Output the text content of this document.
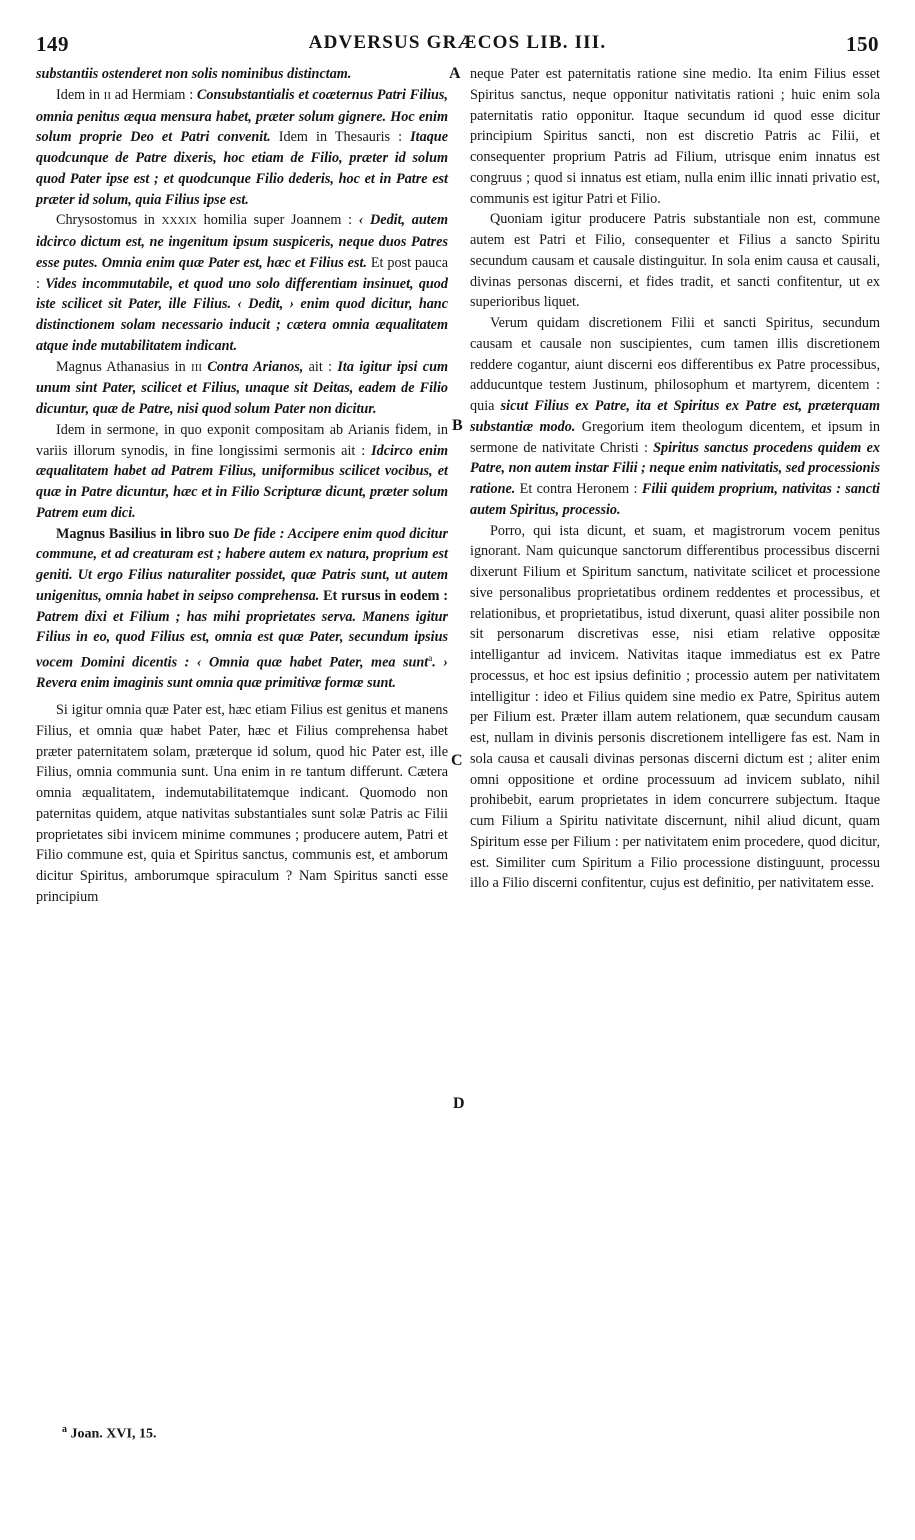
149	ADVERSUS GRÆCOS LIB. III.	150
A
B
C
D

substantiis ostenderet non solis nominibus distinctam.

Idem in II ad Hermiam : Consubstantialis et coæternus Patri Filius, omnia penitus æqua mensura habet, præter solum gignere. Hoc enim solum proprie Deo et Patri convenit. Idem in Thesauris : Itaque quodcunque de Patre dixeris, hoc etiam de Filio, præter id solum quod Pater ipse est ; et quodcunque Filio dederis, hoc et in Patre est præter id solum, quia Filius ipse est.

Chrysostomus in XXXIX homilia super Joannem : ‹ Dedit, autem idcirco dictum est, ne ingenitum ipsum suspiceris, neque duos Patres esse putes. Omnia enim quæ Pater est, hæc et Filius est. Et post pauca : Vides incommutabile, et quod uno solo differentiam insinuet, quod iste scilicet sit Pater, ille Filius. ‹ Dedit, › enim quod dicitur, hanc distinctionem solam necessario inducit ; cætera omnia æqualitatem atque inde mutabilitatem indicant.

Magnus Athanasius in III Contra Arianos, ait : Ita igitur ipsi cum unum sint Pater, scilicet et Filius, unaque sit Deitas, eadem de Filio dicuntur, quæ de Patre, nisi quod solum Pater non dicitur.

Idem in sermone, in quo exponit compositam ab Arianis fidem, in variis illorum synodis, in fine longissimi sermonis ait : Idcirco enim æqualitatem habet ad Patrem Filius, uniformibus scilicet vocibus, et quæ in Patre dicuntur, hæc et in Filio Scripturæ dicunt, præter solum Patrem eum dici.

Magnus Basilius in libro suo De fide : Accipere enim quod dicitur commune, et ad creaturam est ; habere autem ex natura, proprium est geniti. Ut ergo Filius naturaliter possidet, quæ Patris sunt, ut autem unigenitus, omnia habet in seipso comprehensa. Et rursus in eodem : Patrem dixi et Filium ; has mihi proprietates serva. Manens igitur Filius in eo, quod Filius est, omnia est quæ Pater, secundum ipsius vocem Domini dicentis : ‹ Omnia quæ habet Pater, mea sunt$^a$. › Revera enim imaginis sunt omnia quæ primitivæ formæ sunt.

Si igitur omnia quæ Pater est, hæc etiam Filius est genitus et manens Filius, et omnia quæ habet Pater, hæc et Filius comprehensa habet præter paternitatem solam, præterque id solum, quod hic Pater est, ille Filius, omnia communia sunt. Una enim in re tantum differunt. Cætera omnia æqualitatem, indemutabilitatemque indicant. Quomodo non paternitas quidem, atque nativitas substantiales sunt solæ Patris ac Filii proprietates sibi invicem minime communes ; producere autem, Patri et Filio commune est, quia et Spiritus sanctus, communis est, et amborum dicitur Spiritus, amborumque spiraculum ? Nam Spiritus sancti esse principium

neque Pater est paternitatis ratione sine medio. Ita enim Filius esset Spiritus sanctus, neque opponitur nativitatis rationi ; huic enim sola paternitatis ratio opponitur. Itaque secundum id quod esse dicitur principium Spiritus sancti, non est discretio Patris ac Filii, et consequenter proprium Patris ad Filium, utrisque enim innatus est congruus ; quod si innatus est etiam, nulla enim illic innati privatio est, communis est igitur Patri et Filio.

Quoniam igitur producere Patris substantiale non est, commune autem est Patri et Filio, consequenter et Filius a sancto Spiritu secundum causam et causale distinguitur. In sola enim causa et causali, divinas personas discerni, et fides tradit, et sancti confitentur, ut ex superioribus liquet.

Verum quidam discretionem Filii et sancti Spiritus, secundum causam et causale non suscipientes, cum tamen illis discretionem reddere cogantur, aiunt discerni eos differentibus ex Patre processibus, adducuntque testem Justinum, philosophum et martyrem, dicentem : quia sicut Filius ex Patre, ita et Spiritus ex Patre est, præterquam substantiæ modo. Gregorium item theologum dicentem, et ipsum in sermone de nativitate Christi : Spiritus sanctus procedens quidem ex Patre, non autem instar Filii ; neque enim nativitatis, sed processionis ratione. Et contra Heronem : Filii quidem proprium, nativitas : sancti autem Spiritus, processio.

Porro, qui ista dicunt, et suam, et magistrorum vocem penitus ignorant. Nam quicunque sanctorum differentibus processibus discerni dixerunt Filium et Spiritum sanctum, nativitate scilicet et processione sive personalibus proprietatibus ordinem reddentes et processibus, et relationibus, et proprietatibus, istud dixerunt, quasi aliter possibile non sit personarum discretivas esse, nisi etiam relative oppositæ intelligantur ad invicem. Nativitas itaque immediatus est ex Patre processus, et hoc est ipsius definitio ; processio autem per nativitatem intelligitur : ideo et Filius quidem sine medio ex Patre, Spiritus autem per Filium est. Præter illam autem relationem, quæ secundum causam est, nullam in divinis personis discretionem intelligere fas est. Nam in sola causa et causali divinas personas discerni dictum est ; aliter enim omni oppositione et ordine processuum ad invicem sublato, nihil prohibebit, earum proprietates in idem concurrere subjectum. Itaque cum Filium a Spiritu nativitate discernunt, nihil aliud dicunt, quam Spiritum esse per Filium : per nativitatem enim procedere, quod dicitur, est. Similiter cum Spiritum a Filio processione distinguunt, processu illo a Filio discerni confitentur, cujus est definitio, per nativitatem esse.

$^a$ Joan. XVI, 15.
